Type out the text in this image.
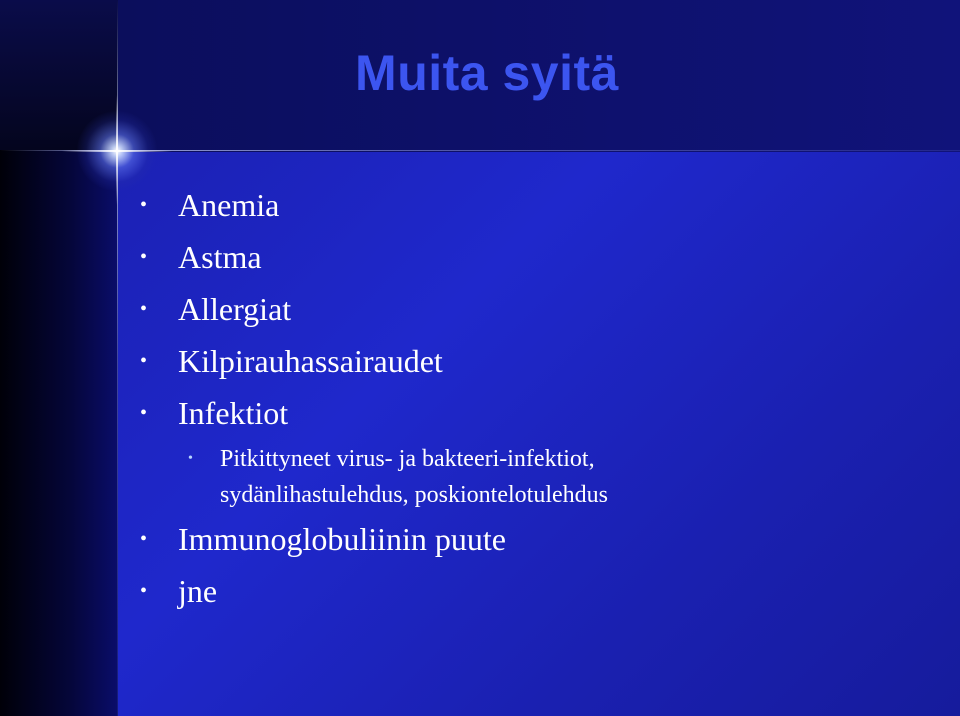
Muita syitä
• Anemia
• Astma
• Allergiat
• Kilpirauhassairaudet
• Infektiot
• Pitkittyneet virus- ja bakteeri-infektiot,
sydänlihastulehdus, poskiontelotulehdus
• Immunoglobuliinin puute
• jne
